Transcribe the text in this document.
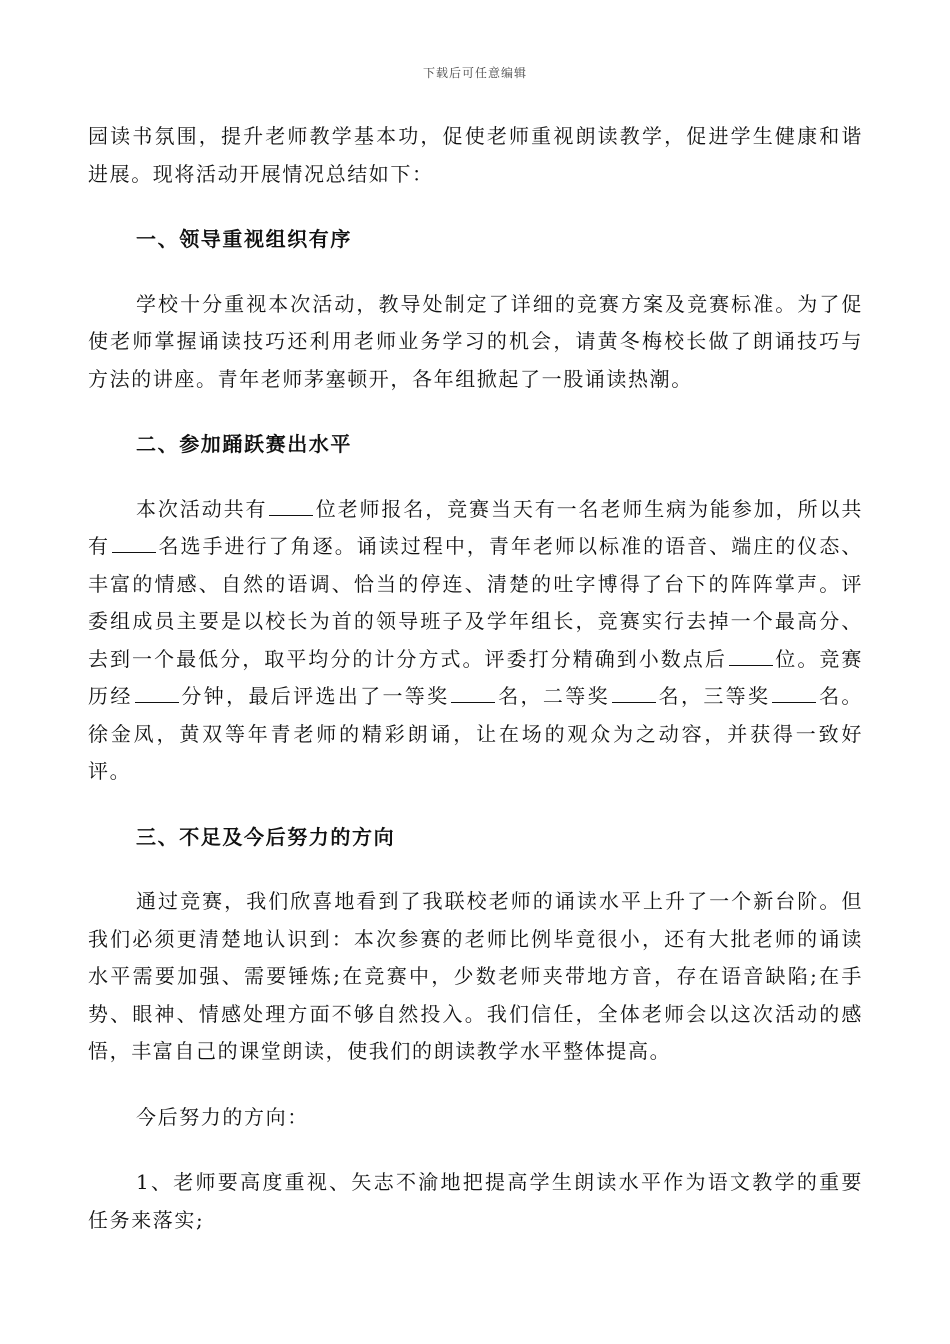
下载后可任意编辑

园读书氛围，提升老师教学基本功，促使老师重视朗读教学，促进学生健康和谐进展。现将活动开展情况总结如下：

一、领导重视组织有序

学校十分重视本次活动，教导处制定了详细的竞赛方案及竞赛标准。为了促使老师掌握诵读技巧还利用老师业务学习的机会，请黄冬梅校长做了朗诵技巧与方法的讲座。青年老师茅塞顿开，各年组掀起了一股诵读热潮。

二、参加踊跃赛出水平

本次活动共有 位老师报名，竞赛当天有一名老师生病为能参加，所以共有 名选手进行了角逐。诵读过程中，青年老师以标准的语音、端庄的仪态、丰富的情感、自然的语调、恰当的停连、清楚的吐字博得了台下的阵阵掌声。评委组成员主要是以校长为首的领导班子及学年组长，竞赛实行去掉一个最高分、去到一个最低分，取平均分的计分方式。评委打分精确到小数点后 位。竞赛历经 分钟，最后评选出了一等奖 名，二等奖 名，三等奖 名。徐金凤，黄双等年青老师的精彩朗诵，让在场的观众为之动容，并获得一致好评。

三、不足及今后努力的方向

通过竞赛，我们欣喜地看到了我联校老师的诵读水平上升了一个新台阶。但我们必须更清楚地认识到：本次参赛的老师比例毕竟很小，还有大批老师的诵读水平需要加强、需要锤炼;在竞赛中，少数老师夹带地方音，存在语音缺陷;在手势、眼神、情感处理方面不够自然投入。我们信任，全体老师会以这次活动的感悟，丰富自己的课堂朗读，使我们的朗读教学水平整体提高。

今后努力的方向：

1、老师要高度重视、矢志不渝地把提高学生朗读水平作为语文教学的重要任务来落实;
